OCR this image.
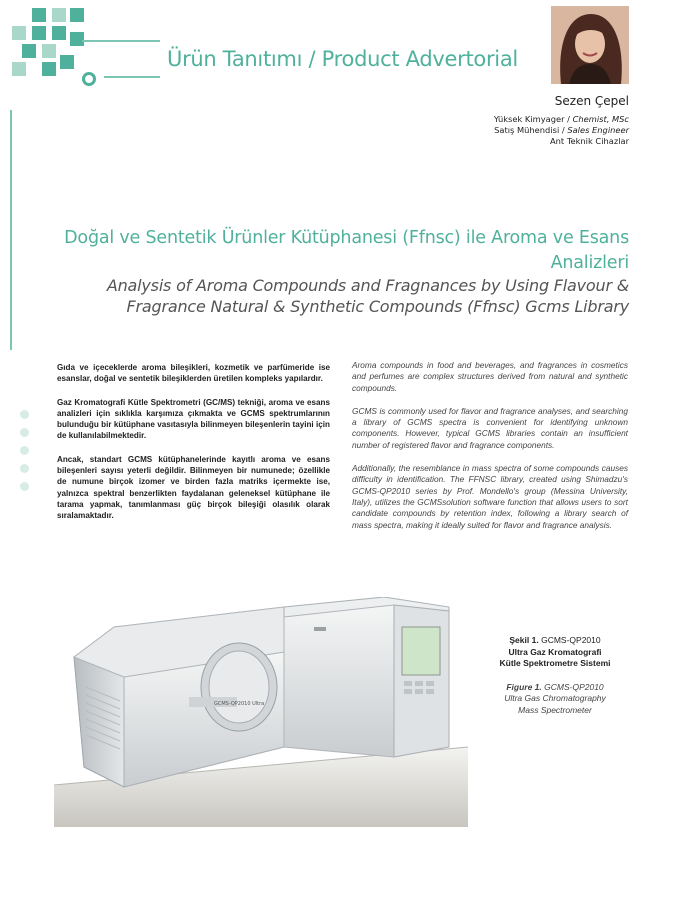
Ürün Tanıtımı / Product Advertorial
Sezen Çepel
Yüksek Kimyager / Chemist, MSc
Satış Mühendisi / Sales Engineer
Ant Teknik Cihazlar
Doğal ve Sentetik Ürünler Kütüphanesi (Ffnsc) ile Aroma ve Esans Analizleri
Analysis of Aroma Compounds and Fragnances by Using Flavour & Fragrance Natural & Synthetic Compounds (Ffnsc) Gcms Library

Gıda ve içeceklerde aroma bileşikleri, kozmetik ve parfümeride ise esanslar, doğal ve sentetik bileşiklerden üretilen kompleks yapılardır.

Gaz Kromatografi Kütle Spektrometri (GC/MS) tekniği, aroma ve esans analizleri için sıklıkla karşımıza çıkmakta ve GCMS spektrumlarının bulunduğu bir kütüphane vasıtasıyla bilinmeyen bileşenlerin tayini için de kullanılabilmektedir.

Ancak, standart GCMS kütüphanelerinde kayıtlı aroma ve esans bileşenleri sayısı yeterli değildir. Bilinmeyen bir numunede; özellikle de numune birçok izomer ve birden fazla matriks içermekte ise, yalnızca spektral benzerlikten faydalanan geleneksel kütüphane ile tarama yapmak, tanımlanması güç birçok bileşiği olasılık olarak sıralamaktadır.

Aroma compounds in food and beverages, and fragrances in cosmetics and perfumes are complex structures derived from natural and synthetic compounds.

GCMS is commonly used for flavor and fragrance analyses, and searching a library of GCMS spectra is convenient for identifying unknown components. However, typical GCMS libraries contain an insufficient number of registered flavor and fragrance components.

Additionally, the resemblance in mass spectra of some compounds causes difficulty in identification. The FFNSC library, created using Shimadzu's GCMS-QP2010 series by Prof. Mondello's group (Messina University, Italy), utilizes the GCMSsolution software function that allows users to sort candidate compounds by retention index, following a library search of mass spectra, making it ideally suited for flavor and fragrance analysis.

GCMS-QP2010 Ultra
Şekil 1. GCMS-QP2010
Ultra Gaz Kromatografi
Kütle Spektrometre Sistemi
Figure 1. GCMS-QP2010
Ultra Gas Chromatography
Mass Spectrometer
